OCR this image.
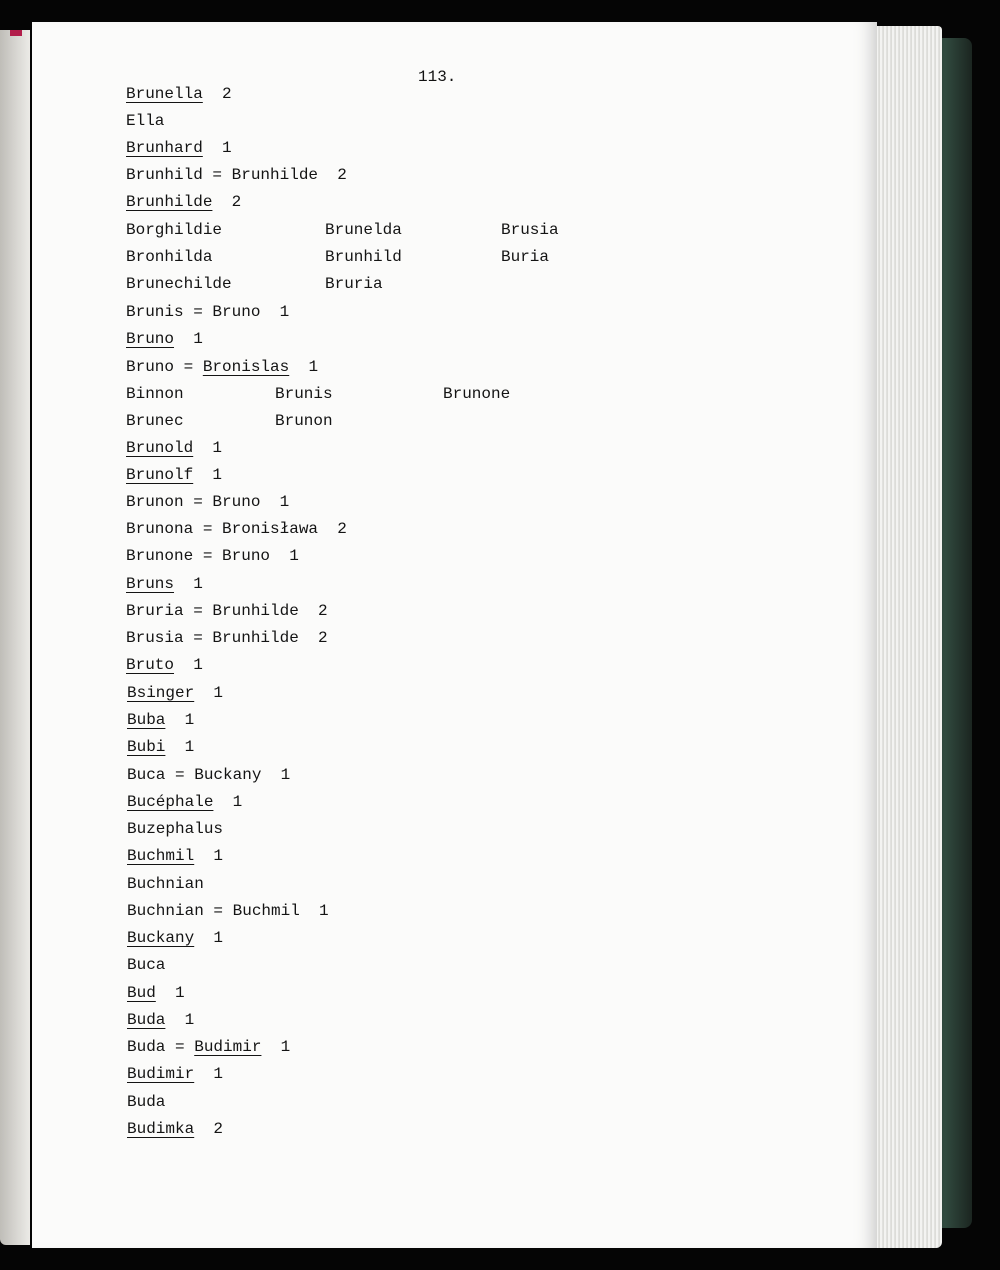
113.

Brunella  2

Ella

Brunhard  1

Brunhild = Brunhilde  2

Brunhilde  2

Borghildie	Brunelda	Brusia

Bronhilda	Brunhild	Buria

Brunechilde	Bruria

Brunis = Bruno  1

Bruno  1

Bruno = Bronislas  1

Binnon	Brunis	Brunone

Brunec	Brunon

Brunold  1

Brunolf  1

Brunon = Bruno  1

Brunona = Bronisława  2

Brunone = Bruno  1

Bruns  1

Bruria = Brunhilde  2

Brusia = Brunhilde  2

Bruto  1

Bsinger  1

Buba  1

Bubi  1

Buca = Buckany  1

Bucéphale  1

Buzephalus

Buchmil  1

Buchnian

Buchnian = Buchmil  1

Buckany  1

Buca

Bud  1

Buda  1

Buda = Budimir  1

Budimir  1

Buda

Budimka  2
